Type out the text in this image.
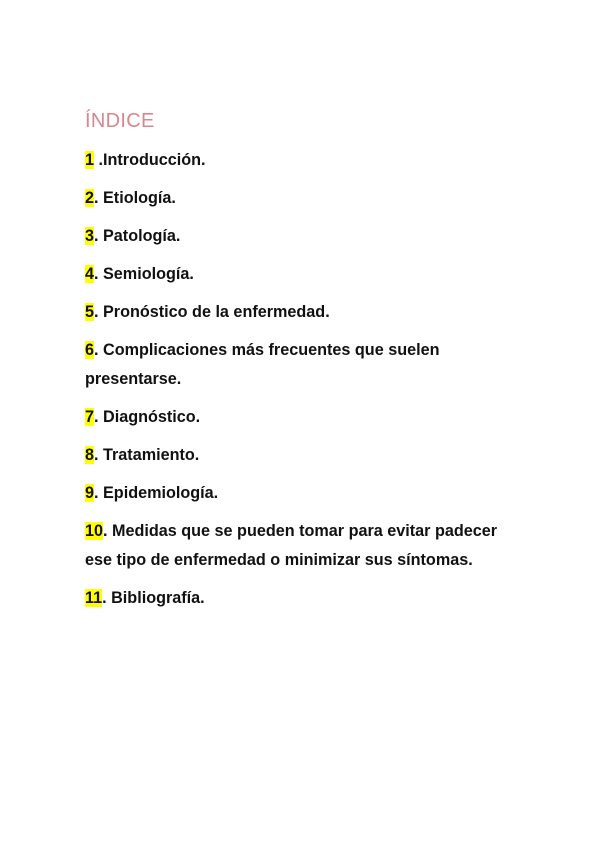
ÍNDICE
1 .Introducción.
2. Etiología.
3. Patología.
4. Semiología.
5. Pronóstico de la enfermedad.
6. Complicaciones más frecuentes que suelen presentarse.
7. Diagnóstico.
8. Tratamiento.
9. Epidemiología.
10. Medidas que se pueden tomar para evitar padecer ese tipo de enfermedad o minimizar sus síntomas.
11. Bibliografía.
